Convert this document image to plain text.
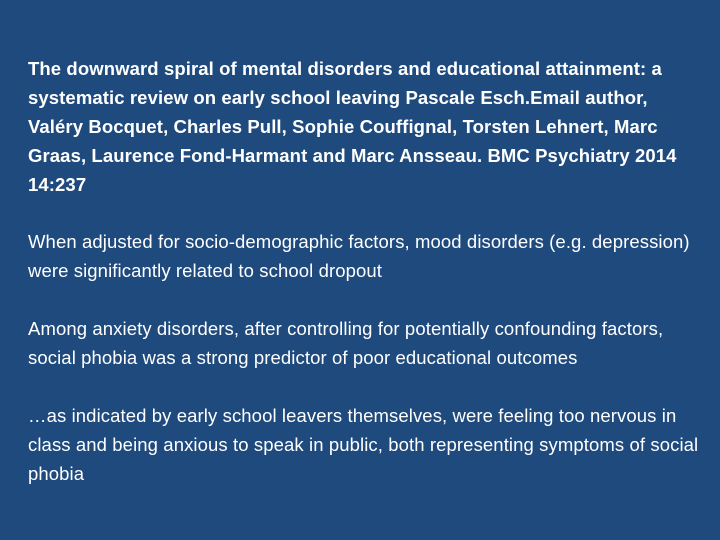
The downward spiral of mental disorders and educational attainment: a systematic review on early school leaving Pascale Esch.Email author, Valéry Bocquet, Charles Pull, Sophie Couffignal, Torsten Lehnert, Marc Graas, Laurence Fond-Harmant and Marc Ansseau. BMC Psychiatry 2014 14:237

When adjusted for socio-demographic factors, mood disorders (e.g. depression) were significantly related to school dropout

Among anxiety disorders, after controlling for potentially confounding factors, social phobia was a strong predictor of poor educational outcomes

…as indicated by early school leavers themselves, were feeling too nervous in class and being anxious to speak in public, both representing symptoms of social phobia
